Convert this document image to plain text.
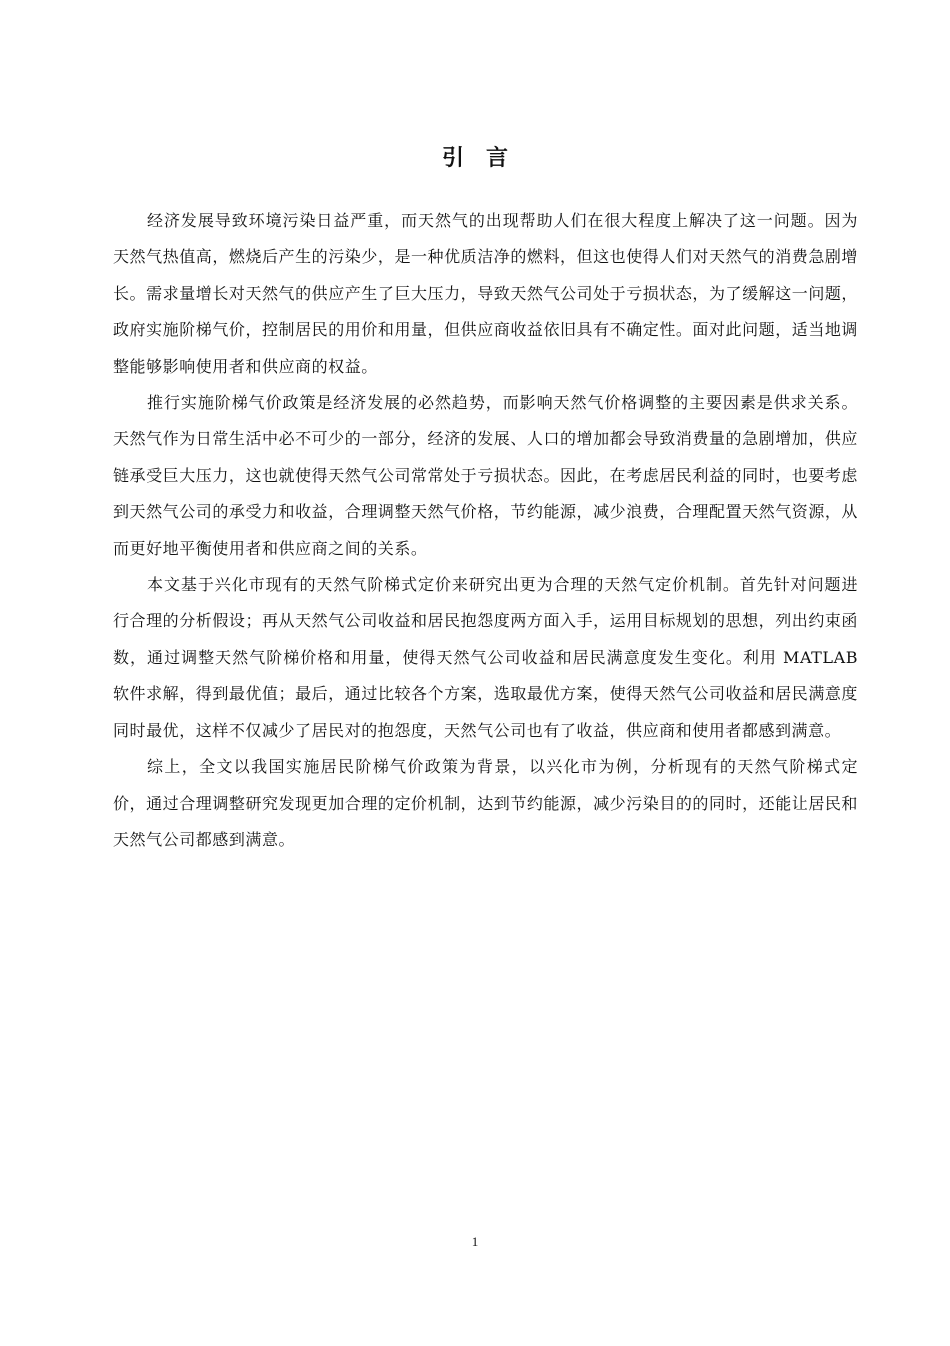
引言

经济发展导致环境污染日益严重，而天然气的出现帮助人们在很大程度上解决了这一问题。因为天然气热值高，燃烧后产生的污染少，是一种优质洁净的燃料，但这也使得人们对天然气的消费急剧增长。需求量增长对天然气的供应产生了巨大压力，导致天然气公司处于亏损状态，为了缓解这一问题，政府实施阶梯气价，控制居民的用价和用量，但供应商收益依旧具有不确定性。面对此问题，适当地调整能够影响使用者和供应商的权益。

推行实施阶梯气价政策是经济发展的必然趋势，而影响天然气价格调整的主要因素是供求关系。天然气作为日常生活中必不可少的一部分，经济的发展、人口的增加都会导致消费量的急剧增加，供应链承受巨大压力，这也就使得天然气公司常常处于亏损状态。因此，在考虑居民利益的同时，也要考虑到天然气公司的承受力和收益，合理调整天然气价格，节约能源，减少浪费，合理配置天然气资源，从而更好地平衡使用者和供应商之间的关系。

本文基于兴化市现有的天然气阶梯式定价来研究出更为合理的天然气定价机制。首先针对问题进行合理的分析假设；再从天然气公司收益和居民抱怨度两方面入手，运用目标规划的思想，列出约束函数，通过调整天然气阶梯价格和用量，使得天然气公司收益和居民满意度发生变化。利用 MATLAB 软件求解，得到最优值；最后，通过比较各个方案，选取最优方案，使得天然气公司收益和居民满意度同时最优，这样不仅减少了居民对的抱怨度，天然气公司也有了收益，供应商和使用者都感到满意。

综上，全文以我国实施居民阶梯气价政策为背景，以兴化市为例，分析现有的天然气阶梯式定价，通过合理调整研究发现更加合理的定价机制，达到节约能源，减少污染目的的同时，还能让居民和天然气公司都感到满意。

1
